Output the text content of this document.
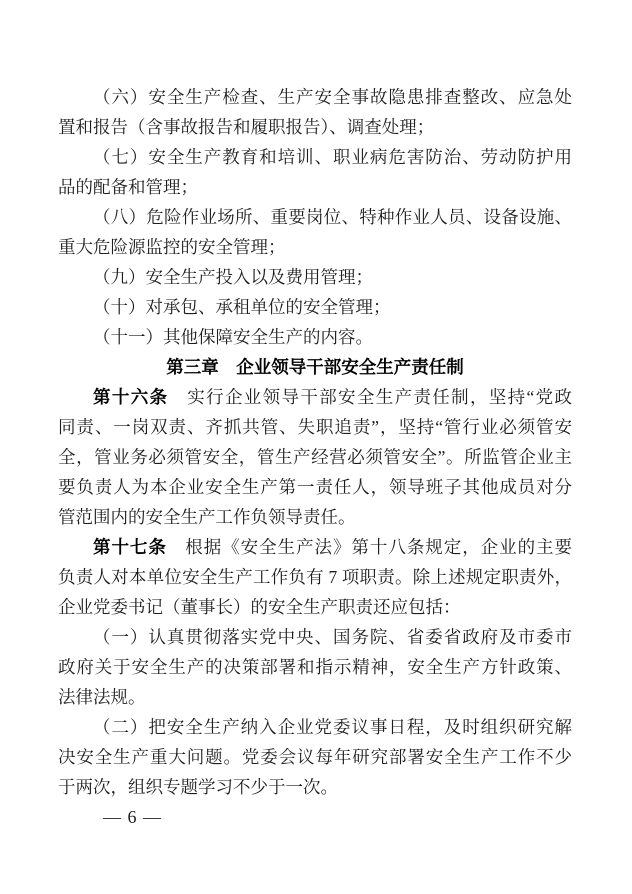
（六）安全生产检查、生产安全事故隐患排查整改、应急处
置和报告（含事故报告和履职报告）、调查处理；
（七）安全生产教育和培训、职业病危害防治、劳动防护用
品的配备和管理；
（八）危险作业场所、重要岗位、特种作业人员、设备设施、
重大危险源监控的安全管理；
（九）安全生产投入以及费用管理；
（十）对承包、承租单位的安全管理；
（十一）其他保障安全生产的内容。
第三章　企业领导干部安全生产责任制
第十六条　实行企业领导干部安全生产责任制，坚持“党政
同责、一岗双责、齐抓共管、失职追责”，坚持“管行业必须管安
全，管业务必须管安全，管生产经营必须管安全”。所监管企业主
要负责人为本企业安全生产第一责任人，领导班子其他成员对分
管范围内的安全生产工作负领导责任。
第十七条　根据《安全生产法》第十八条规定，企业的主要
负责人对本单位安全生产工作负有 7 项职责。除上述规定职责外，
企业党委书记（董事长）的安全生产职责还应包括：
（一）认真贯彻落实党中央、国务院、省委省政府及市委市
政府关于安全生产的决策部署和指示精神，安全生产方针政策、
法律法规。
（二）把安全生产纳入企业党委议事日程，及时组织研究解
决安全生产重大问题。党委会议每年研究部署安全生产工作不少
于两次，组织专题学习不少于一次。
— 6 —
